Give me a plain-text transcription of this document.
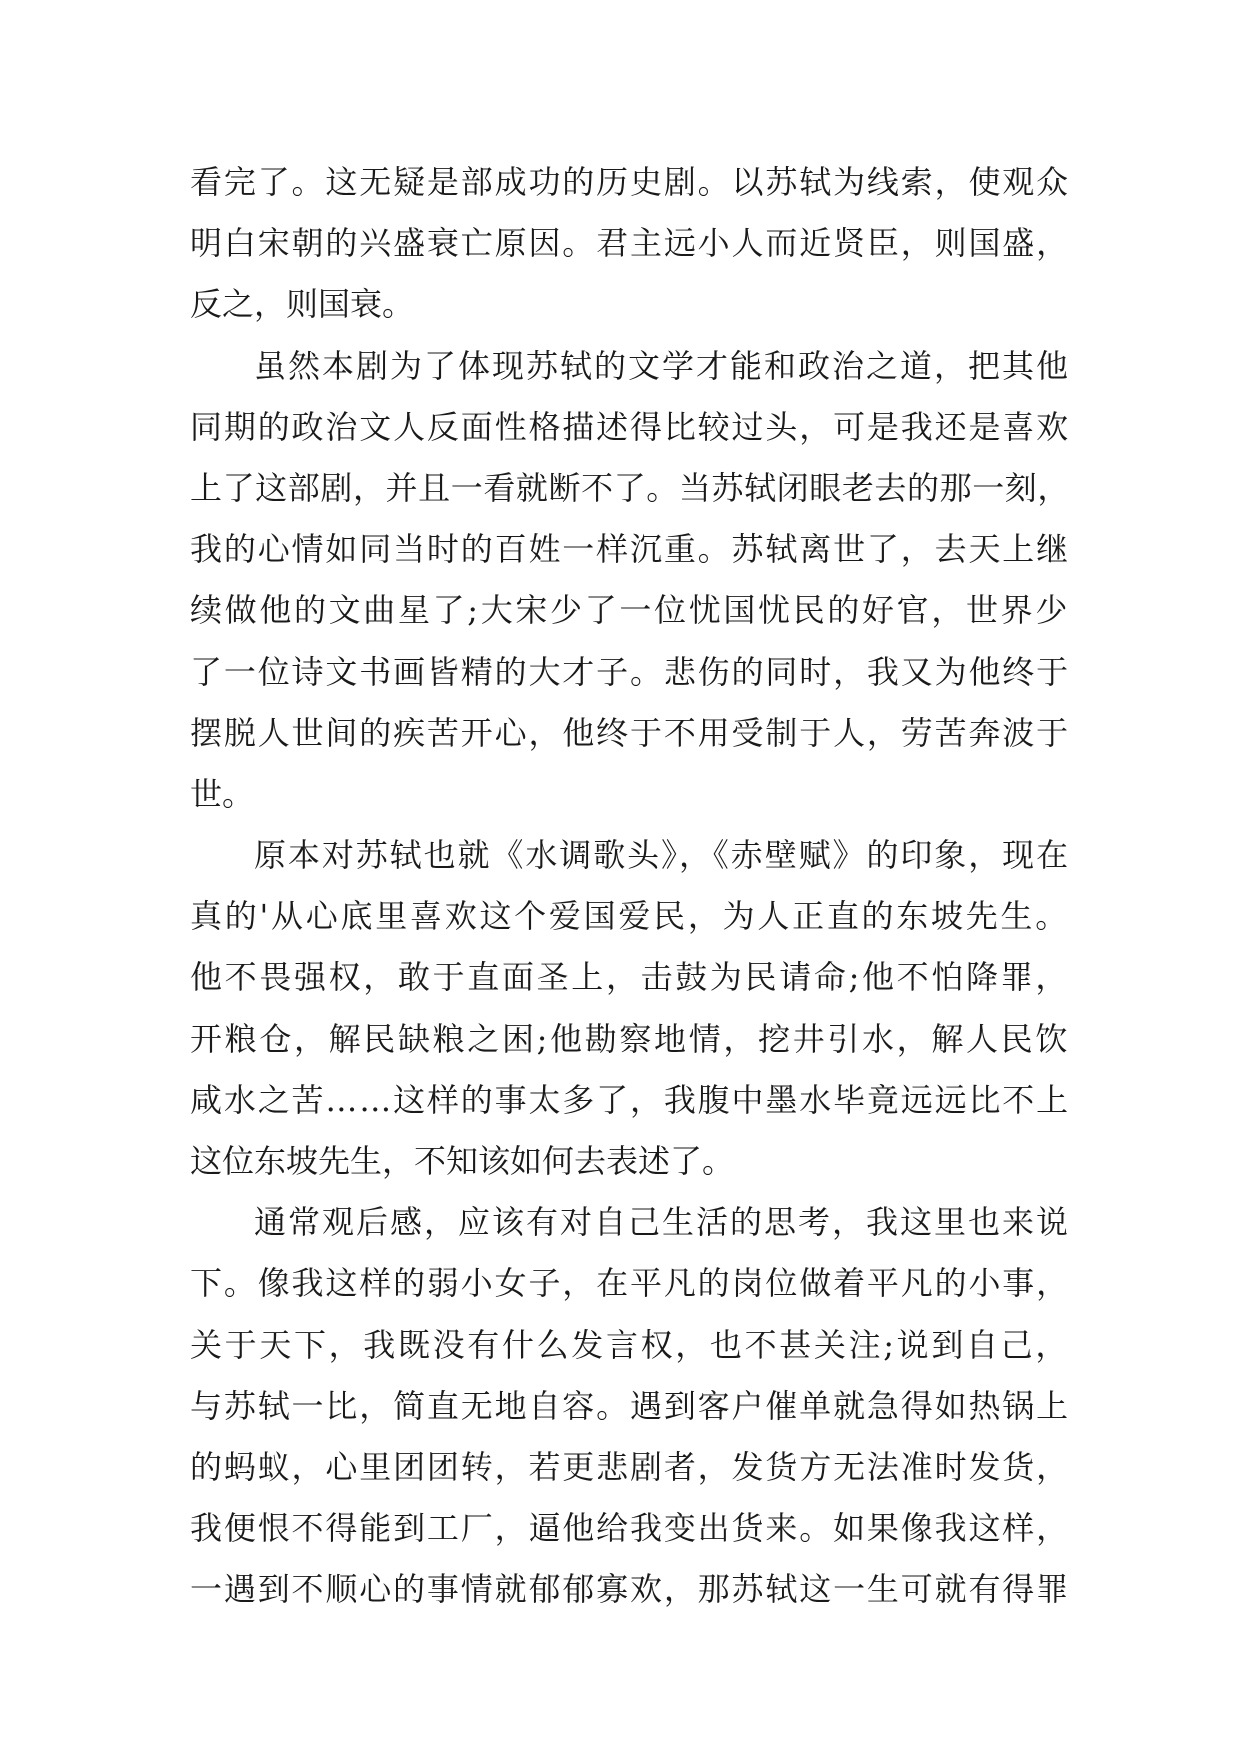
看完了。这无疑是部成功的历史剧。以苏轼为线索，使观众
明白宋朝的兴盛衰亡原因。君主远小人而近贤臣，则国盛，
反之，则国衰。
虽然本剧为了体现苏轼的文学才能和政治之道，把其他
同期的政治文人反面性格描述得比较过头，可是我还是喜欢
上了这部剧，并且一看就断不了。当苏轼闭眼老去的那一刻，
我的心情如同当时的百姓一样沉重。苏轼离世了，去天上继
续做他的文曲星了;大宋少了一位忧国忧民的好官，世界少
了一位诗文书画皆精的大才子。悲伤的同时，我又为他终于
摆脱人世间的疾苦开心，他终于不用受制于人，劳苦奔波于
世。
原本对苏轼也就《水调歌头》，《赤壁赋》的印象，现在
真的'从心底里喜欢这个爱国爱民，为人正直的东坡先生。
他不畏强权，敢于直面圣上，击鼓为民请命;他不怕降罪，
开粮仓，解民缺粮之困;他勘察地情，挖井引水，解人民饮
咸水之苦……这样的事太多了，我腹中墨水毕竟远远比不上
这位东坡先生，不知该如何去表述了。
通常观后感，应该有对自己生活的思考，我这里也来说
下。像我这样的弱小女子，在平凡的岗位做着平凡的小事，
关于天下，我既没有什么发言权，也不甚关注;说到自己，
与苏轼一比，简直无地自容。遇到客户催单就急得如热锅上
的蚂蚁，心里团团转，若更悲剧者，发货方无法准时发货，
我便恨不得能到工厂，逼他给我变出货来。如果像我这样，
一遇到不顺心的事情就郁郁寡欢，那苏轼这一生可就有得罪
